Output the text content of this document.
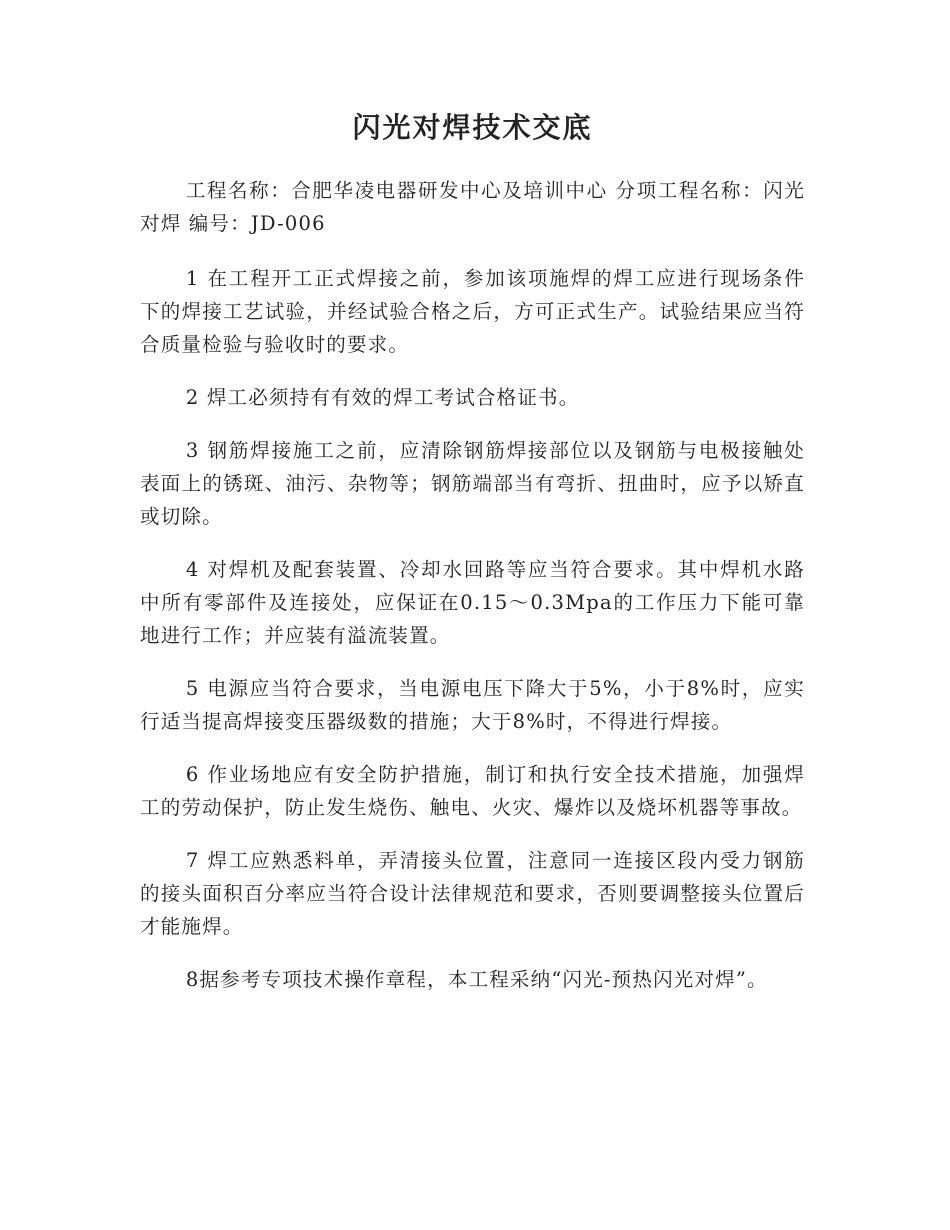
闪光对焊技术交底

工程名称：合肥华凌电器研发中心及培训中心 分项工程名称：闪光对焊 编号：JD-006

1 在工程开工正式焊接之前，参加该项施焊的焊工应进行现场条件下的焊接工艺试验，并经试验合格之后，方可正式生产。试验结果应当符合质量检验与验收时的要求。

2 焊工必须持有有效的焊工考试合格证书。

3 钢筋焊接施工之前，应清除钢筋焊接部位以及钢筋与电极接触处表面上的锈斑、油污、杂物等；钢筋端部当有弯折、扭曲时，应予以矫直或切除。

4 对焊机及配套装置、冷却水回路等应当符合要求。其中焊机水路中所有零部件及连接处，应保证在0.15～0.3Mpa的工作压力下能可靠地进行工作；并应装有溢流装置。

5 电源应当符合要求，当电源电压下降大于5%，小于8%时，应实行适当提高焊接变压器级数的措施；大于8%时，不得进行焊接。

6 作业场地应有安全防护措施，制订和执行安全技术措施，加强焊工的劳动保护，防止发生烧伤、触电、火灾、爆炸以及烧坏机器等事故。

7 焊工应熟悉料单，弄清接头位置，注意同一连接区段内受力钢筋的接头面积百分率应当符合设计法律规范和要求，否则要调整接头位置后才能施焊。

8据参考专项技术操作章程，本工程采纳“闪光-预热闪光对焊”。
